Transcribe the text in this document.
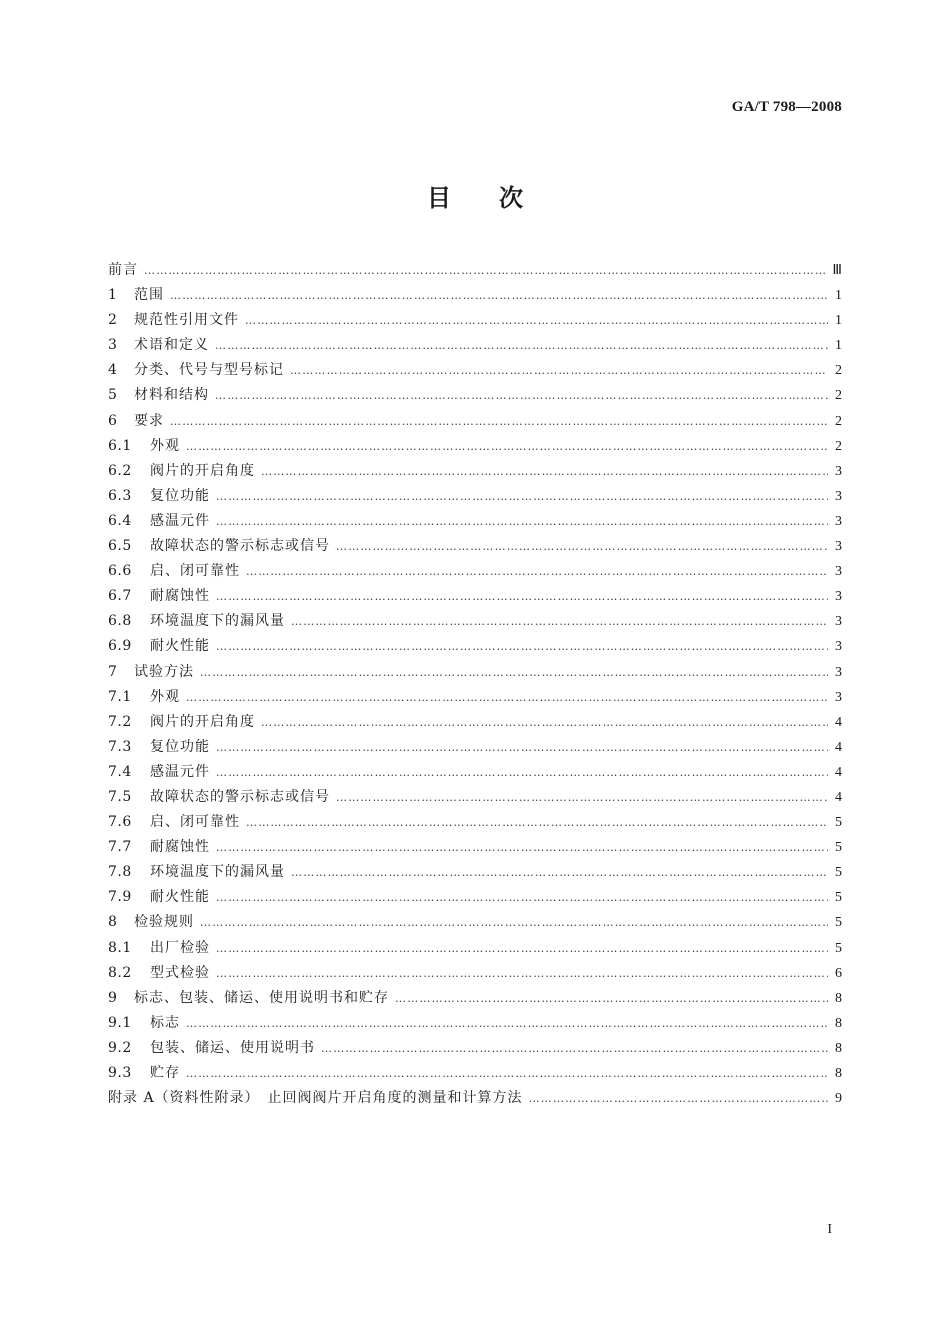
GA/T 798—2008
目次
前言 ………………………………………………………………………………………………………………………………………………………………………………………………………………………………	Ⅲ
1	范围 ………………………………………………………………………………………………………………………………………………………………………………………………………………………………	1
2	规范性引用文件 ………………………………………………………………………………………………………………………………………………………………………………………………………………………………	1
3	术语和定义 ………………………………………………………………………………………………………………………………………………………………………………………………………………………………	1
4	分类、代号与型号标记 ………………………………………………………………………………………………………………………………………………………………………………………………………………………………	2
5	材料和结构 ………………………………………………………………………………………………………………………………………………………………………………………………………………………………	2
6	要求 ………………………………………………………………………………………………………………………………………………………………………………………………………………………………	2
6.1	外观 ………………………………………………………………………………………………………………………………………………………………………………………………………………………………	2
6.2	阀片的开启角度 ………………………………………………………………………………………………………………………………………………………………………………………………………………………………	3
6.3	复位功能 ………………………………………………………………………………………………………………………………………………………………………………………………………………………………	3
6.4	感温元件 ………………………………………………………………………………………………………………………………………………………………………………………………………………………………	3
6.5	故障状态的警示标志或信号 ………………………………………………………………………………………………………………………………………………………………………………………………………………………………	3
6.6	启、闭可靠性 ………………………………………………………………………………………………………………………………………………………………………………………………………………………………	3
6.7	耐腐蚀性 ………………………………………………………………………………………………………………………………………………………………………………………………………………………………	3
6.8	环境温度下的漏风量 ………………………………………………………………………………………………………………………………………………………………………………………………………………………………	3
6.9	耐火性能 ………………………………………………………………………………………………………………………………………………………………………………………………………………………………	3
7	试验方法 ………………………………………………………………………………………………………………………………………………………………………………………………………………………………	3
7.1	外观 ………………………………………………………………………………………………………………………………………………………………………………………………………………………………	3
7.2	阀片的开启角度 ………………………………………………………………………………………………………………………………………………………………………………………………………………………………	4
7.3	复位功能 ………………………………………………………………………………………………………………………………………………………………………………………………………………………………	4
7.4	感温元件 ………………………………………………………………………………………………………………………………………………………………………………………………………………………………	4
7.5	故障状态的警示标志或信号 ………………………………………………………………………………………………………………………………………………………………………………………………………………………………	4
7.6	启、闭可靠性 ………………………………………………………………………………………………………………………………………………………………………………………………………………………………	5
7.7	耐腐蚀性 ………………………………………………………………………………………………………………………………………………………………………………………………………………………………	5
7.8	环境温度下的漏风量 ………………………………………………………………………………………………………………………………………………………………………………………………………………………………	5
7.9	耐火性能 ………………………………………………………………………………………………………………………………………………………………………………………………………………………………	5
8	检验规则 ………………………………………………………………………………………………………………………………………………………………………………………………………………………………	5
8.1	出厂检验 ………………………………………………………………………………………………………………………………………………………………………………………………………………………………	5
8.2	型式检验 ………………………………………………………………………………………………………………………………………………………………………………………………………………………………	6
9	标志、包装、储运、使用说明书和贮存 ………………………………………………………………………………………………………………………………………………………………………………………………………………………………	8
9.1	标志 ………………………………………………………………………………………………………………………………………………………………………………………………………………………………	8
9.2	包装、储运、使用说明书 ………………………………………………………………………………………………………………………………………………………………………………………………………………………………	8
9.3	贮存 ………………………………………………………………………………………………………………………………………………………………………………………………………………………………	8
附录 A（资料性附录）　止回阀阀片开启角度的测量和计算方法 ………………………………………………………………………………………………………………………………………………………………………………………………………………………………	9
I
